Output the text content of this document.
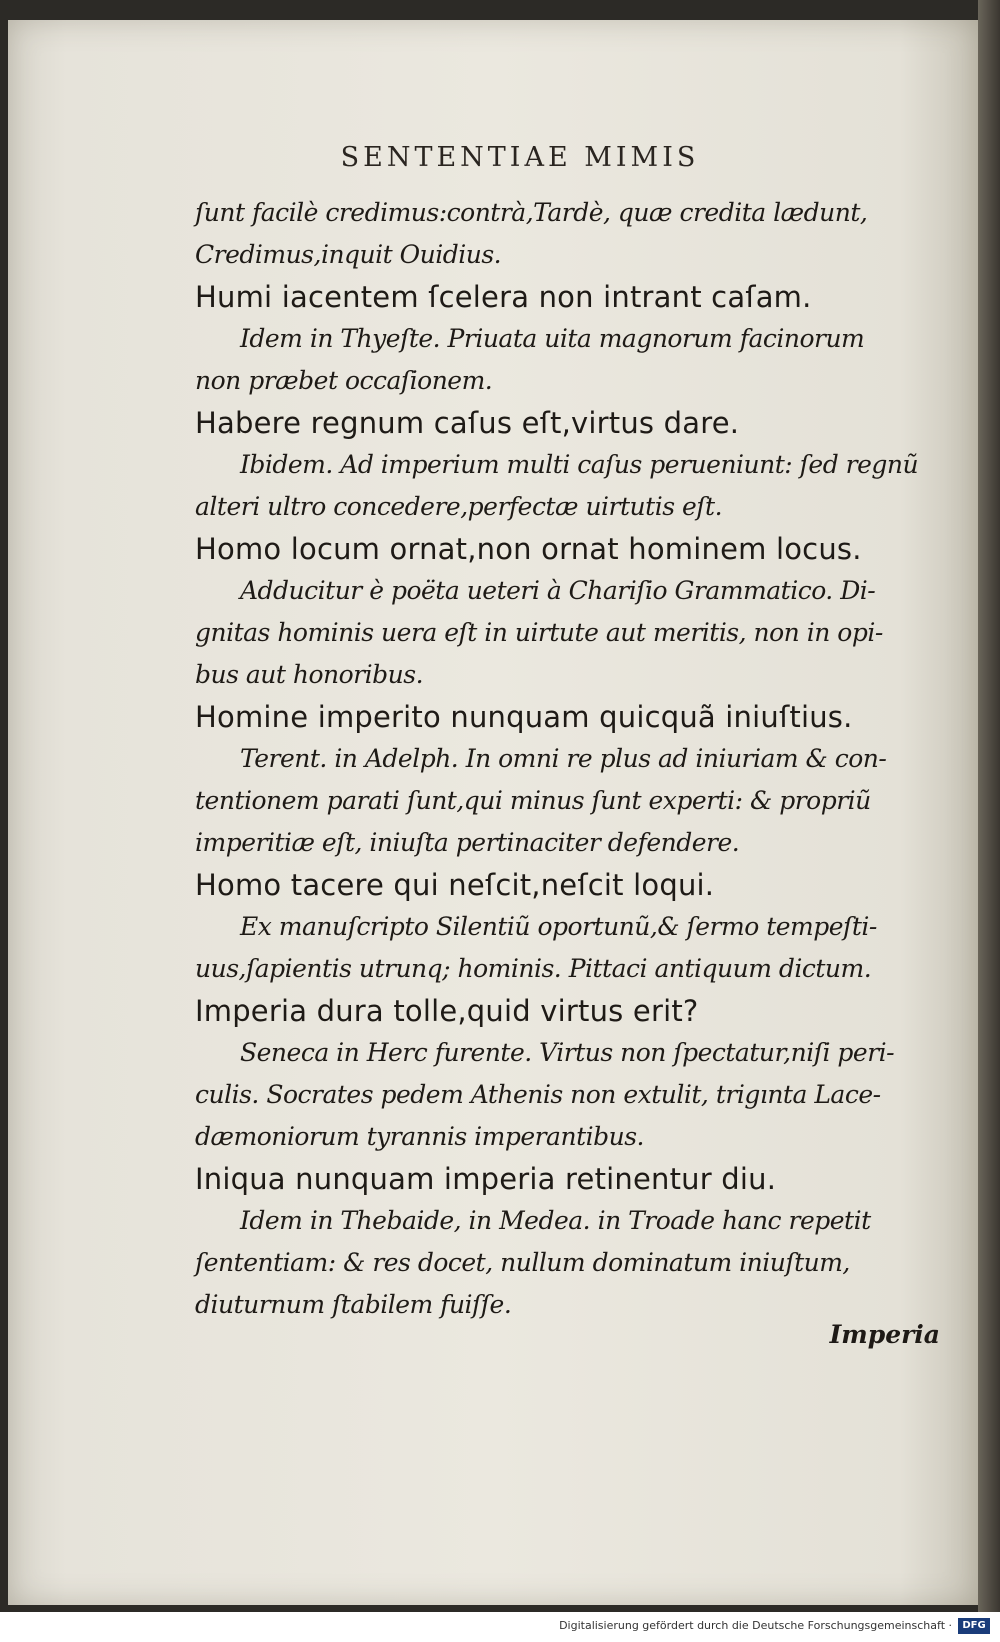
SENTENTIAE MIMIS
ſunt facilè credimus:contrà,Tardè, quæ credita lædunt,
Credimus,inquit Ouidius.
Humi iacentem ſcelera non intrant caſam.
Idem in Thyeſte. Priuata uita magnorum facinorum
non præbet occaſionem.
Habere regnum caſus eſt,virtus dare.
Ibidem. Ad imperium multi caſus perueniunt: ſed regnũ
alteri ultro concedere,perfectæ uirtutis eſt.
Homo locum ornat,non ornat hominem locus.
Adducitur è poëta ueteri à Chariſio Grammatico. Di-
gnitas hominis uera eſt in uirtute aut meritis, non in opi-
bus aut honoribus.
Homine imperito nunquam quicquã iniuſtius.
Terent. in Adelph. In omni re plus ad iniuriam & con-
tentionem parati ſunt,qui minus ſunt experti: & propriũ
imperitiæ eſt, iniuſta pertinaciter defendere.
Homo tacere qui neſcit,neſcit loqui.
Ex manuſcripto Silentiũ oportunũ,& ſermo tempeſti-
uus,ſapientis utrunq; hominis. Pittaci antiquum dictum.
Imperia dura tolle,quid virtus erit?
Seneca in Herc furente. Virtus non ſpectatur,niſi peri-
culis. Socrates pedem Athenis non extulit, trigınta Lace-
dæmoniorum tyrannis imperantibus.
Iniqua nunquam imperia retinentur diu.
Idem in Thebaide, in Medea. in Troade hanc repetit
ſententiam: & res docet, nullum dominatum iniuſtum,
diuturnum ſtabilem fuiſſe.
Imperia
Digitalisierung gefördert durch die Deutsche Forschungsgemeinschaft ·	DFG
